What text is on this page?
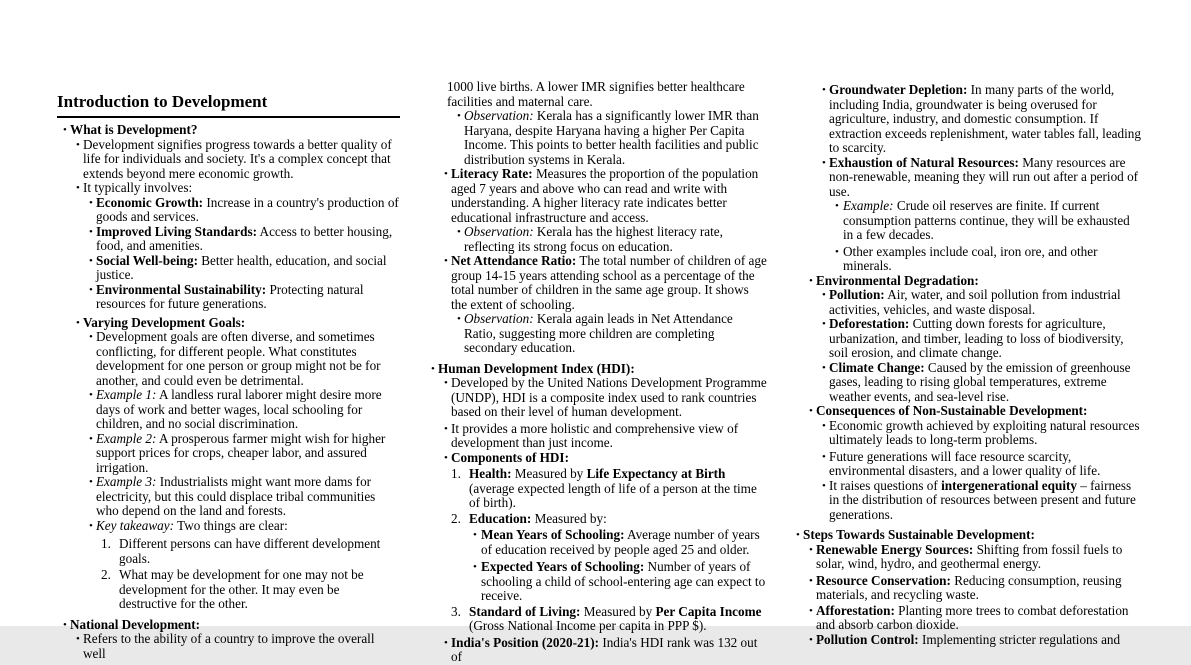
Introduction to Development
• What is Development?
• Development signifies progress towards a better quality of life for individuals and society. It's a complex concept that extends beyond mere economic growth.
• It typically involves:
• Economic Growth: Increase in a country's production of goods and services.
• Improved Living Standards: Access to better housing, food, and amenities.
• Social Well-being: Better health, education, and social justice.
• Environmental Sustainability: Protecting natural resources for future generations.
• Varying Development Goals:
• Development goals are often diverse, and sometimes conflicting, for different people. What constitutes development for one person or group might not be for another, and could even be detrimental.
• Example 1: A landless rural laborer might desire more days of work and better wages, local schooling for children, and no social discrimination.
• Example 2: A prosperous farmer might wish for higher support prices for crops, cheaper labor, and assured irrigation.
• Example 3: Industrialists might want more dams for electricity, but this could displace tribal communities who depend on the land and forests.
• Key takeaway: Two things are clear:
1. Different persons can have different development goals.
2. What may be development for one may not be development for the other. It may even be destructive for the other.
• National Development:
• Refers to the ability of a country to improve the overall well
1000 live births. A lower IMR signifies better healthcare facilities and maternal care.
• Observation: Kerala has a significantly lower IMR than Haryana, despite Haryana having a higher Per Capita Income. This points to better health facilities and public distribution systems in Kerala.
• Literacy Rate: Measures the proportion of the population aged 7 years and above who can read and write with understanding. A higher literacy rate indicates better educational infrastructure and access.
• Observation: Kerala has the highest literacy rate, reflecting its strong focus on education.
• Net Attendance Ratio: The total number of children of age group 14-15 years attending school as a percentage of the total number of children in the same age group. It shows the extent of schooling.
• Observation: Kerala again leads in Net Attendance Ratio, suggesting more children are completing secondary education.
• Human Development Index (HDI):
• Developed by the United Nations Development Programme (UNDP), HDI is a composite index used to rank countries based on their level of human development.
• It provides a more holistic and comprehensive view of development than just income.
• Components of HDI:
1. Health: Measured by Life Expectancy at Birth (average expected length of life of a person at the time of birth).
2. Education: Measured by:
• Mean Years of Schooling: Average number of years of education received by people aged 25 and older.
• Expected Years of Schooling: Number of years of schooling a child of school-entering age can expect to receive.
3. Standard of Living: Measured by Per Capita Income (Gross National Income per capita in PPP $).
• India's Position (2020-21): India's HDI rank was 132 out of
• Groundwater Depletion: In many parts of the world, including India, groundwater is being overused for agriculture, industry, and domestic consumption. If extraction exceeds replenishment, water tables fall, leading to scarcity.
• Exhaustion of Natural Resources: Many resources are non-renewable, meaning they will run out after a period of use.
• Example: Crude oil reserves are finite. If current consumption patterns continue, they will be exhausted in a few decades.
• Other examples include coal, iron ore, and other minerals.
• Environmental Degradation:
• Pollution: Air, water, and soil pollution from industrial activities, vehicles, and waste disposal.
• Deforestation: Cutting down forests for agriculture, urbanization, and timber, leading to loss of biodiversity, soil erosion, and climate change.
• Climate Change: Caused by the emission of greenhouse gases, leading to rising global temperatures, extreme weather events, and sea-level rise.
• Consequences of Non-Sustainable Development:
• Economic growth achieved by exploiting natural resources ultimately leads to long-term problems.
• Future generations will face resource scarcity, environmental disasters, and a lower quality of life.
• It raises questions of intergenerational equity – fairness in the distribution of resources between present and future generations.
• Steps Towards Sustainable Development:
• Renewable Energy Sources: Shifting from fossil fuels to solar, wind, hydro, and geothermal energy.
• Resource Conservation: Reducing consumption, reusing materials, and recycling waste.
• Afforestation: Planting more trees to combat deforestation and absorb carbon dioxide.
• Pollution Control: Implementing stricter regulations and
